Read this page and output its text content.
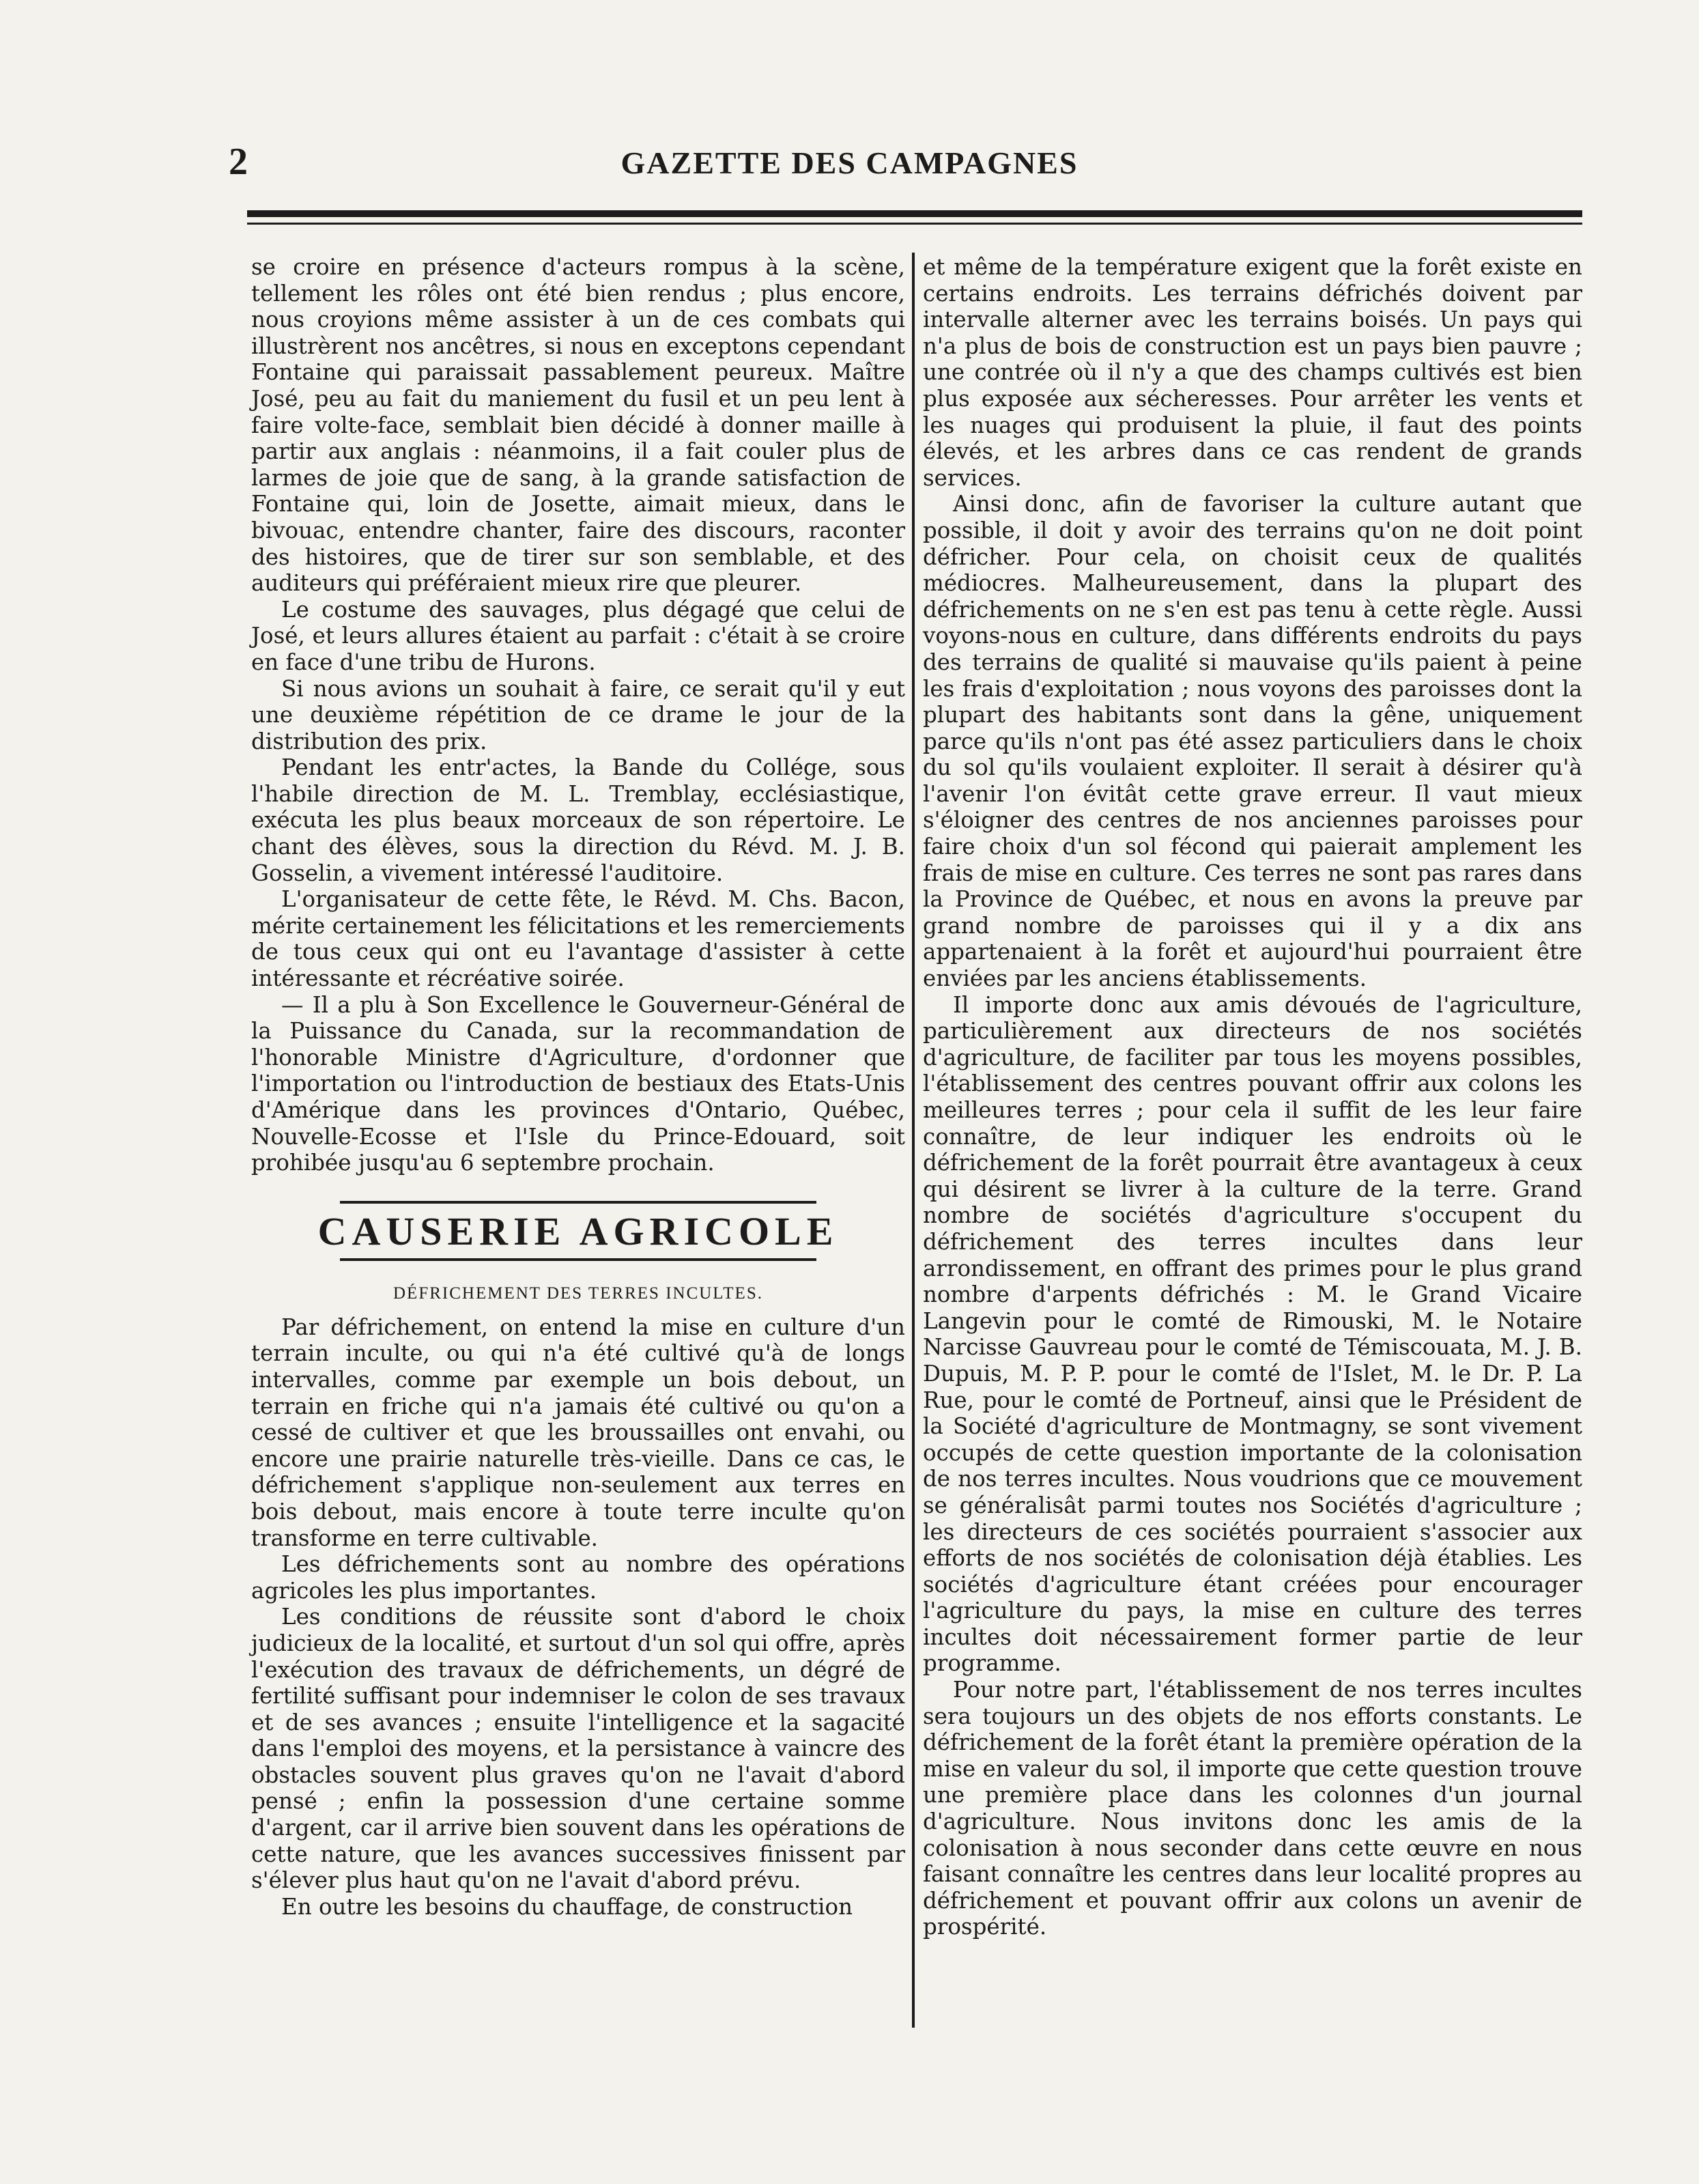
2	GAZETTE DES CAMPAGNES

se croire en présence d'acteurs rompus à la scène, tellement les rôles ont été bien rendus ; plus encore, nous croyions même assister à un de ces combats qui illustrèrent nos ancêtres, si nous en exceptons cependant Fontaine qui paraissait passablement peureux. Maître José, peu au fait du maniement du fusil et un peu lent à faire volte-face, semblait bien décidé à donner maille à partir aux anglais : néanmoins, il a fait couler plus de larmes de joie que de sang, à la grande satisfaction de Fontaine qui, loin de Josette, aimait mieux, dans le bivouac, entendre chanter, faire des discours, raconter des histoires, que de tirer sur son semblable, et des auditeurs qui préféraient mieux rire que pleurer.

Le costume des sauvages, plus dégagé que celui de José, et leurs allures étaient au parfait : c'était à se croire en face d'une tribu de Hurons.

Si nous avions un souhait à faire, ce serait qu'il y eut une deuxième répétition de ce drame le jour de la distribution des prix.

Pendant les entr'actes, la Bande du Collége, sous l'habile direction de M. L. Tremblay, ecclésiastique, exécuta les plus beaux morceaux de son répertoire. Le chant des élèves, sous la direction du Révd. M. J. B. Gosselin, a vivement intéressé l'auditoire.

L'organisateur de cette fête, le Révd. M. Chs. Bacon, mérite certainement les félicitations et les remerciements de tous ceux qui ont eu l'avantage d'assister à cette intéressante et récréative soirée.

— Il a plu à Son Excellence le Gouverneur-Général de la Puissance du Canada, sur la recommandation de l'honorable Ministre d'Agriculture, d'ordonner que l'importation ou l'introduction de bestiaux des Etats-Unis d'Amérique dans les provinces d'Ontario, Québec, Nouvelle-Ecosse et l'Isle du Prince-Edouard, soit prohibée jusqu'au 6 septembre prochain.

CAUSERIE AGRICOLE
DÉFRICHEMENT DES TERRES INCULTES.

Par défrichement, on entend la mise en culture d'un terrain inculte, ou qui n'a été cultivé qu'à de longs intervalles, comme par exemple un bois debout, un terrain en friche qui n'a jamais été cultivé ou qu'on a cessé de cultiver et que les broussailles ont envahi, ou encore une prairie naturelle très-vieille. Dans ce cas, le défrichement s'applique non-seulement aux terres en bois debout, mais encore à toute terre inculte qu'on transforme en terre cultivable.

Les défrichements sont au nombre des opérations agricoles les plus importantes.

Les conditions de réussite sont d'abord le choix judicieux de la localité, et surtout d'un sol qui offre, après l'exécution des travaux de défrichements, un dégré de fertilité suffisant pour indemniser le colon de ses travaux et de ses avances ; ensuite l'intelligence et la sagacité dans l'emploi des moyens, et la persistance à vaincre des obstacles souvent plus graves qu'on ne l'avait d'abord pensé ; enfin la possession d'une certaine somme d'argent, car il arrive bien souvent dans les opérations de cette nature, que les avances successives finissent par s'élever plus haut qu'on ne l'avait d'abord prévu.

En outre les besoins du chauffage, de construction

et même de la température exigent que la forêt existe en certains endroits. Les terrains défrichés doivent par intervalle alterner avec les terrains boisés. Un pays qui n'a plus de bois de construction est un pays bien pauvre ; une contrée où il n'y a que des champs cultivés est bien plus exposée aux sécheresses. Pour arrêter les vents et les nuages qui produisent la pluie, il faut des points élevés, et les arbres dans ce cas rendent de grands services.

Ainsi donc, afin de favoriser la culture autant que possible, il doit y avoir des terrains qu'on ne doit point défricher. Pour cela, on choisit ceux de qualités médiocres. Malheureusement, dans la plupart des défrichements on ne s'en est pas tenu à cette règle. Aussi voyons-nous en culture, dans différents endroits du pays des terrains de qualité si mauvaise qu'ils paient à peine les frais d'exploitation ; nous voyons des paroisses dont la plupart des habitants sont dans la gêne, uniquement parce qu'ils n'ont pas été assez particuliers dans le choix du sol qu'ils voulaient exploiter. Il serait à désirer qu'à l'avenir l'on évitât cette grave erreur. Il vaut mieux s'éloigner des centres de nos anciennes paroisses pour faire choix d'un sol fécond qui paierait amplement les frais de mise en culture. Ces terres ne sont pas rares dans la Province de Québec, et nous en avons la preuve par grand nombre de paroisses qui il y a dix ans appartenaient à la forêt et aujourd'hui pourraient être enviées par les anciens établissements.

Il importe donc aux amis dévoués de l'agriculture, particulièrement aux directeurs de nos sociétés d'agriculture, de faciliter par tous les moyens possibles, l'établissement des centres pouvant offrir aux colons les meilleures terres ; pour cela il suffit de les leur faire connaître, de leur indiquer les endroits où le défrichement de la forêt pourrait être avantageux à ceux qui désirent se livrer à la culture de la terre. Grand nombre de sociétés d'agriculture s'occupent du défrichement des terres incultes dans leur arrondissement, en offrant des primes pour le plus grand nombre d'arpents défrichés : M. le Grand Vicaire Langevin pour le comté de Rimouski, M. le Notaire Narcisse Gauvreau pour le comté de Témiscouata, M. J. B. Dupuis, M. P. P. pour le comté de l'Islet, M. le Dr. P. La Rue, pour le comté de Portneuf, ainsi que le Président de la Société d'agriculture de Montmagny, se sont vivement occupés de cette question importante de la colonisation de nos terres incultes. Nous voudrions que ce mouvement se généralisât parmi toutes nos Sociétés d'agriculture ; les directeurs de ces sociétés pourraient s'associer aux efforts de nos sociétés de colonisation déjà établies. Les sociétés d'agriculture étant créées pour encourager l'agriculture du pays, la mise en culture des terres incultes doit nécessairement former partie de leur programme.

Pour notre part, l'établissement de nos terres incultes sera toujours un des objets de nos efforts constants. Le défrichement de la forêt étant la première opération de la mise en valeur du sol, il importe que cette question trouve une première place dans les colonnes d'un journal d'agriculture. Nous invitons donc les amis de la colonisation à nous seconder dans cette œuvre en nous faisant connaître les centres dans leur localité propres au défrichement et pouvant offrir aux colons un avenir de prospérité.
